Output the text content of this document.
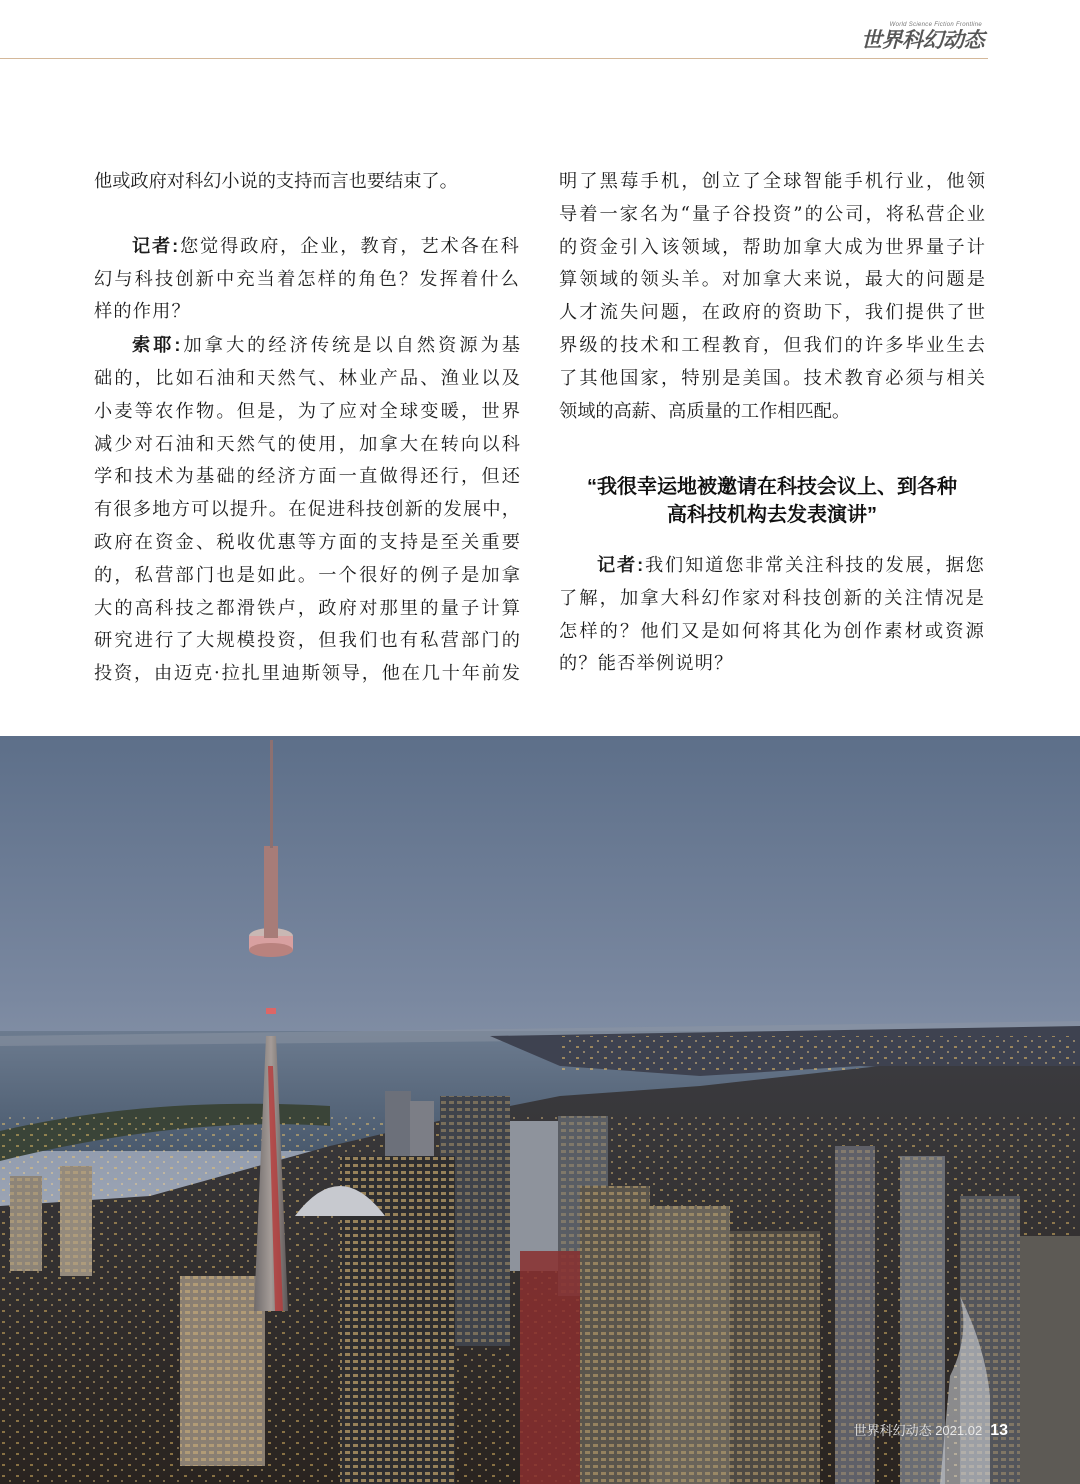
World Science Fiction Frontline
世界科幻动态

他或政府对科幻小说的支持而言也要结束了。

记者:您觉得政府，企业，教育，艺术各在科
幻与科技创新中充当着怎样的角色？发挥着什么
样的作用？

索耶:加拿大的经济传统是以自然资源为基
础的，比如石油和天然气、林业产品、渔业以及
小麦等农作物。但是，为了应对全球变暖，世界
减少对石油和天然气的使用，加拿大在转向以科
学和技术为基础的经济方面一直做得还行，但还
有很多地方可以提升。在促进科技创新的发展中，
政府在资金、税收优惠等方面的支持是至关重要
的，私营部门也是如此。一个很好的例子是加拿
大的高科技之都滑铁卢，政府对那里的量子计算
研究进行了大规模投资，但我们也有私营部门的
投资，由迈克·拉扎里迪斯领导，他在几十年前发

明了黑莓手机，创立了全球智能手机行业，他领
导着一家名为“量子谷投资”的公司，将私营企业
的资金引入该领域，帮助加拿大成为世界量子计
算领域的领头羊。对加拿大来说，最大的问题是
人才流失问题，在政府的资助下，我们提供了世
界级的技术和工程教育，但我们的许多毕业生去
了其他国家，特别是美国。技术教育必须与相关
领域的高薪、高质量的工作相匹配。

“我很幸运地被邀请在科技会议上、到各种
高科技机构去发表演讲”

记者:我们知道您非常关注科技的发展，据您
了解，加拿大科幻作家对科技创新的关注情况是
怎样的？他们又是如何将其化为创作素材或资源
的？能否举例说明？

世界科幻动态 2021.02 13
